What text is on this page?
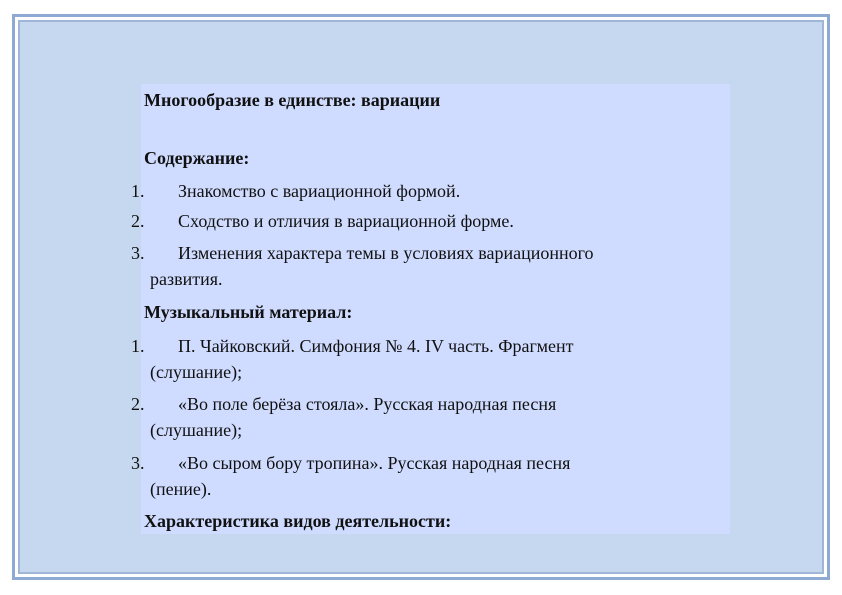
Многообразие в единстве: вариации
Содержание:
1. Знакомство с вариационной формой.
2. Сходство и отличия в вариационной форме.
3. Изменения характера темы в условиях вариационного
развития.
Музыкальный материал:
1. П. Чайковский. Симфония № 4. IV часть. Фрагмент
(слушание);
2. «Во поле берёза стояла». Русская народная песня
(слушание);
3. «Во сыром бору тропина». Русская народная песня
(пение).
Характеристика видов деятельности:
